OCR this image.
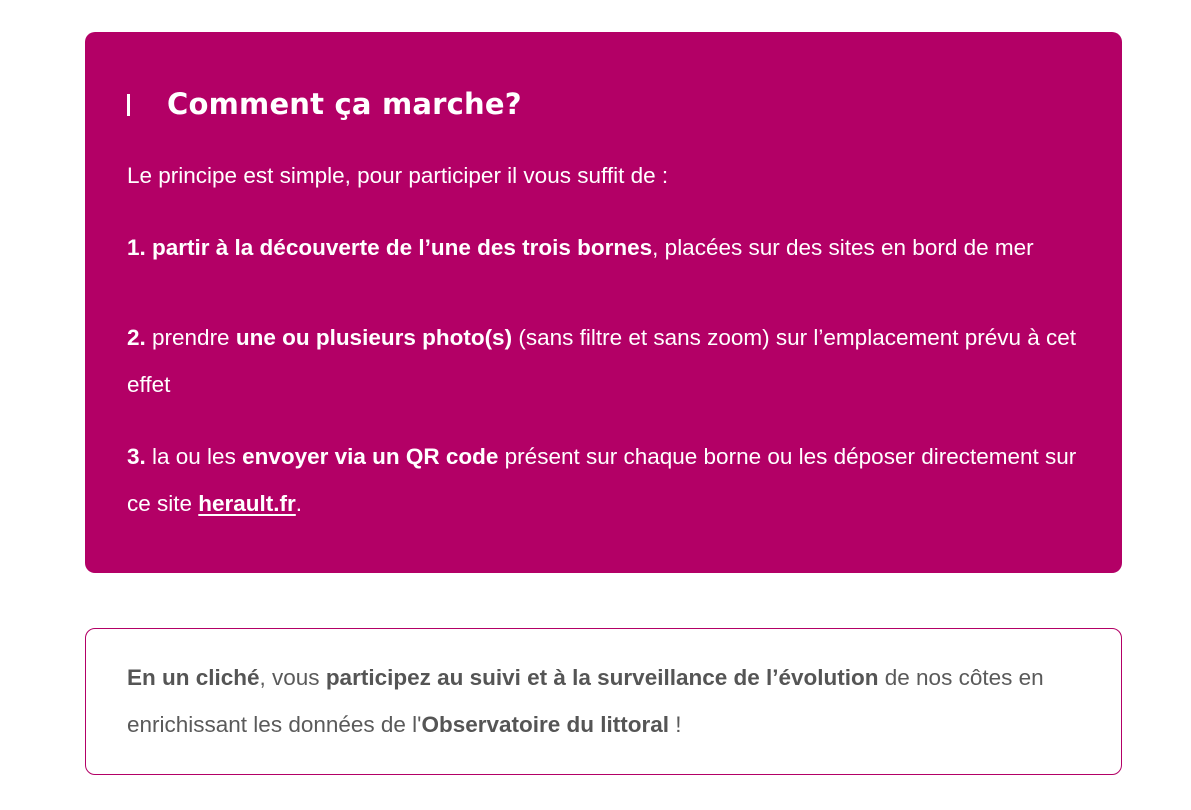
Comment ça marche?

Le principe est simple, pour participer il vous suffit de :

1. partir à la découverte de l’une des trois bornes, placées sur des sites en bord de mer

2. prendre une ou plusieurs photo(s) (sans filtre et sans zoom) sur l’emplacement prévu à cet effet

3. la ou les envoyer via un QR code présent sur chaque borne ou les déposer directement sur ce site herault.fr.

En un cliché, vous participez au suivi et à la surveillance de l’évolution de nos côtes en enrichissant les données de l'Observatoire du littoral !
